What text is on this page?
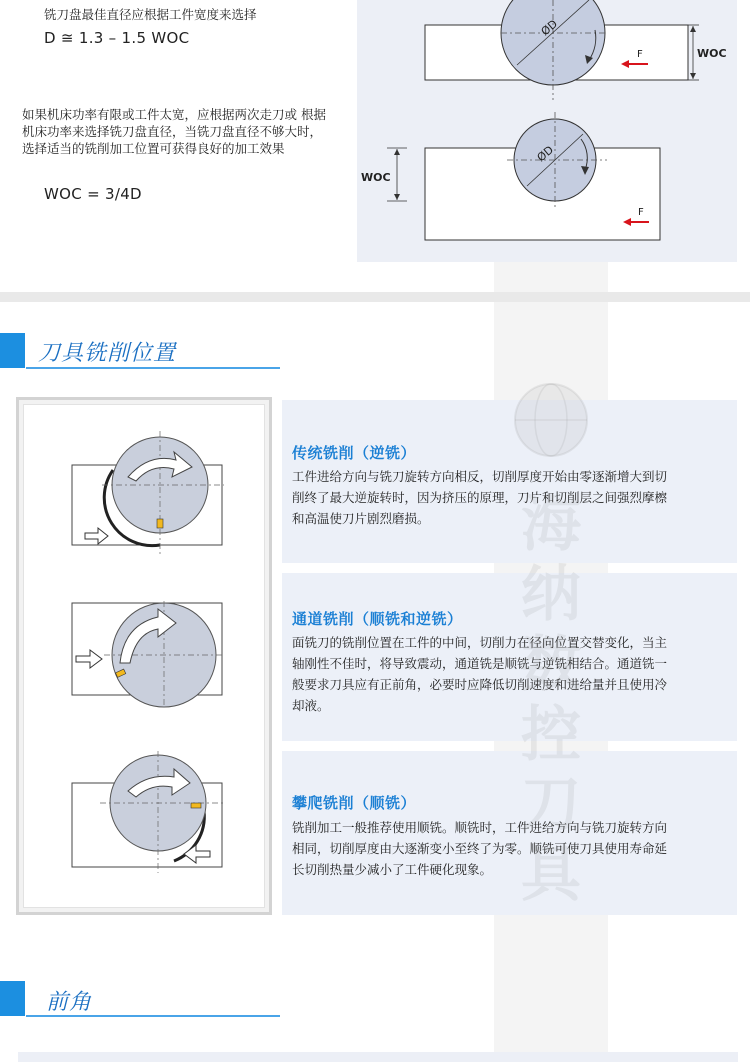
铣刀盘最佳直径应根据工件宽度来选择
D ≅ 1.3 – 1.5 WOC
如果机床功率有限或工件太宽，应根据两次走刀或 根据
机床功率来选择铣刀盘直径，当铣刀盘直径不够大时，
选择适当的铣削加工位置可获得良好的加工效果
WOC = 3/4D
ØD
F	WOC
ØD
WOC
F
刀具铣削位置
传统铣削（逆铣）
工件进给方向与铣刀旋转方向相反，切削厚度开始由零逐渐增大到切
削终了最大逆旋转时，因为挤压的原理，刀片和切削层之间强烈摩檫
和高温使刀片剧烈磨损。
通道铣削（顺铣和逆铣）
面铣刀的铣削位置在工件的中间，切削力在径向位置交替变化，当主
轴刚性不佳时，将导致震动，通道铣是顺铣与逆铣相结合。通道铣一
般要求刀具应有正前角，必要时应降低切削速度和进给量并且使用冷
却液。
攀爬铣削（顺铣）
铣削加工一般推荐使用顺铣。顺铣时，工件进给方向与铣刀旋转方向
相同，切削厚度由大逐渐变小至终了为零。顺铣可使刀具使用寿命延
长切削热量少减小了工件硬化现象。
海
纳
数
控
刀
具
前角
